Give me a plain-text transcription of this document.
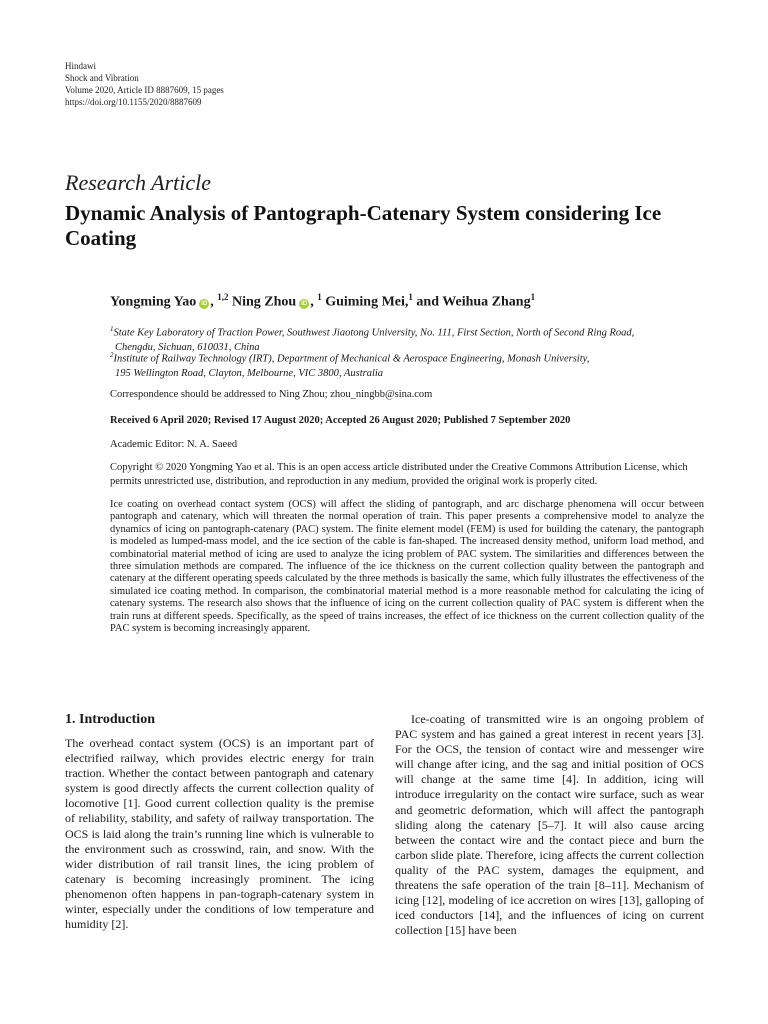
Hindawi
Shock and Vibration
Volume 2020, Article ID 8887609, 15 pages
https://doi.org/10.1155/2020/8887609
Research Article
Dynamic Analysis of Pantograph-Catenary System considering Ice Coating
Yongming Yao iD , $^{1,2}$ Ning Zhou iD , $^1$ Guiming Mei,$^1$ and Weihua Zhang$^1$
$^1$State Key Laboratory of Traction Power, Southwest Jiaotong University, No. 111, First Section, North of Second Ring Road,
Chengdu, Sichuan, 610031, China
$^2$Institute of Railway Technology (IRT), Department of Mechanical & Aerospace Engineering, Monash University,
195 Wellington Road, Clayton, Melbourne, VIC 3800, Australia
Correspondence should be addressed to Ning Zhou; zhou_ningbb@sina.com
Received 6 April 2020; Revised 17 August 2020; Accepted 26 August 2020; Published 7 September 2020
Academic Editor: N. A. Saeed
Copyright © 2020 Yongming Yao et al. This is an open access article distributed under the Creative Commons Attribution License, which permits unrestricted use, distribution, and reproduction in any medium, provided the original work is properly cited.
Ice coating on overhead contact system (OCS) will affect the sliding of pantograph, and arc discharge phenomena will occur between pantograph and catenary, which will threaten the normal operation of train. This paper presents a comprehensive model to analyze the dynamics of icing on pantograph-catenary (PAC) system. The finite element model (FEM) is used for building the catenary, the pantograph is modeled as lumped-mass model, and the ice section of the cable is fan-shaped. The increased density method, uniform load method, and combinatorial material method of icing are used to analyze the icing problem of PAC system. The similarities and differences between the three simulation methods are compared. The influence of the ice thickness on the current collection quality between the pantograph and catenary at the different operating speeds calculated by the three methods is basically the same, which fully illustrates the effectiveness of the simulated ice coating method. In comparison, the combinatorial material method is a more reasonable method for calculating the icing of catenary systems. The research also shows that the influence of icing on the current collection quality of PAC system is different when the train runs at different speeds. Specifically, as the speed of trains increases, the effect of ice thickness on the current collection quality of the PAC system is becoming increasingly apparent.
1. Introduction

The overhead contact system (OCS) is an important part of electrified railway, which provides electric energy for train traction. Whether the contact between pantograph and catenary system is good directly affects the current collection quality of locomotive [1]. Good current collection quality is the premise of reliability, stability, and safety of railway transportation. The OCS is laid along the train’s running line which is vulnerable to the environment such as crosswind, rain, and snow. With the wider distribution of rail transit lines, the icing problem of catenary is becoming increasingly prominent. The icing phenomenon often happens in pan-tograph-catenary system in winter, especially under the conditions of low temperature and humidity [2].

Ice-coating of transmitted wire is an ongoing problem of PAC system and has gained a great interest in recent years [3]. For the OCS, the tension of contact wire and messenger wire will change after icing, and the sag and initial position of OCS will change at the same time [4]. In addition, icing will introduce irregularity on the contact wire surface, such as wear and geometric deformation, which will affect the pantograph sliding along the catenary [5–7]. It will also cause arcing between the contact wire and the contact piece and burn the carbon slide plate. Therefore, icing affects the current collection quality of the PAC system, damages the equipment, and threatens the safe operation of the train [8–11]. Mechanism of icing [12], modeling of ice accretion on wires [13], galloping of iced conductors [14], and the influences of icing on current collection [15] have been
